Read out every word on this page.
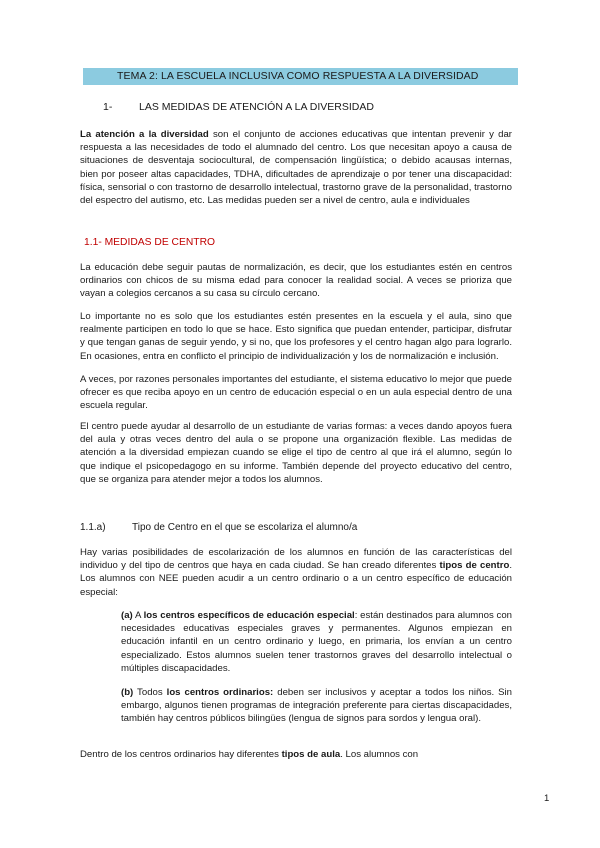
TEMA 2: LA ESCUELA INCLUSIVA COMO RESPUESTA A LA DIVERSIDAD
1-	LAS MEDIDAS DE ATENCIÓN A LA DIVERSIDAD

La atención a la diversidad son el conjunto de acciones educativas que intentan prevenir y dar respuesta a las necesidades de todo el alumnado del centro. Los que necesitan apoyo a causa de situaciones de desventaja sociocultural, de compensación lingüística; o debido acausas internas, bien por poseer altas capacidades, TDHA, dificultades de aprendizaje o por tener una discapacidad: física, sensorial o con trastorno de desarrollo intelectual, trastorno grave de la personalidad, trastorno del espectro del autismo, etc. Las medidas pueden ser a nivel de centro, aula e individuales

1.1- MEDIDAS DE CENTRO

La educación debe seguir pautas de normalización, es decir, que los estudiantes estén en centros ordinarios con chicos de su misma edad para conocer la realidad social. A veces se prioriza que vayan a colegios cercanos a su casa su círculo cercano.

Lo importante no es solo que los estudiantes estén presentes en la escuela y el aula, sino que realmente participen en todo lo que se hace. Esto significa que puedan entender, participar, disfrutar y que tengan ganas de seguir yendo, y si no, que los profesores y el centro hagan algo para lograrlo. En ocasiones, entra en conflicto el principio de individualización y los de normalización e inclusión.

A veces, por razones personales importantes del estudiante, el sistema educativo lo mejor que puede ofrecer es que reciba apoyo en un centro de educación especial o en un aula especial dentro de una escuela regular.

El centro puede ayudar al desarrollo de un estudiante de varias formas: a veces dando apoyos fuera del aula y otras veces dentro del aula o se propone una organización flexible. Las medidas de atención a la diversidad empiezan cuando se elige el tipo de centro al que irá el alumno, según lo que indique el psicopedagogo en su informe. También depende del proyecto educativo del centro, que se organiza para atender mejor a todos los alumnos.

1.1.a)	Tipo de Centro en el que se escolariza el alumno/a

Hay varias posibilidades de escolarización de los alumnos en función de las características del individuo y del tipo de centros que haya en cada ciudad. Se han creado diferentes tipos de centro. Los alumnos con NEE pueden acudir a un centro ordinario o a un centro específico de educación especial:

(a) A los centros específicos de educación especial: están destinados para alumnos con necesidades educativas especiales graves y permanentes. Algunos empiezan en educación infantil en un centro ordinario y luego, en primaria, los envían a un centro especializado. Estos alumnos suelen tener trastornos graves del desarrollo intelectual o múltiples discapacidades.

(b) Todos los centros ordinarios: deben ser inclusivos y aceptar a todos los niños. Sin embargo, algunos tienen programas de integración preferente para ciertas discapacidades, también hay centros públicos bilingües (lengua de signos para sordos y lengua oral).

Dentro de los centros ordinarios hay diferentes tipos de aula. Los alumnos con

1
